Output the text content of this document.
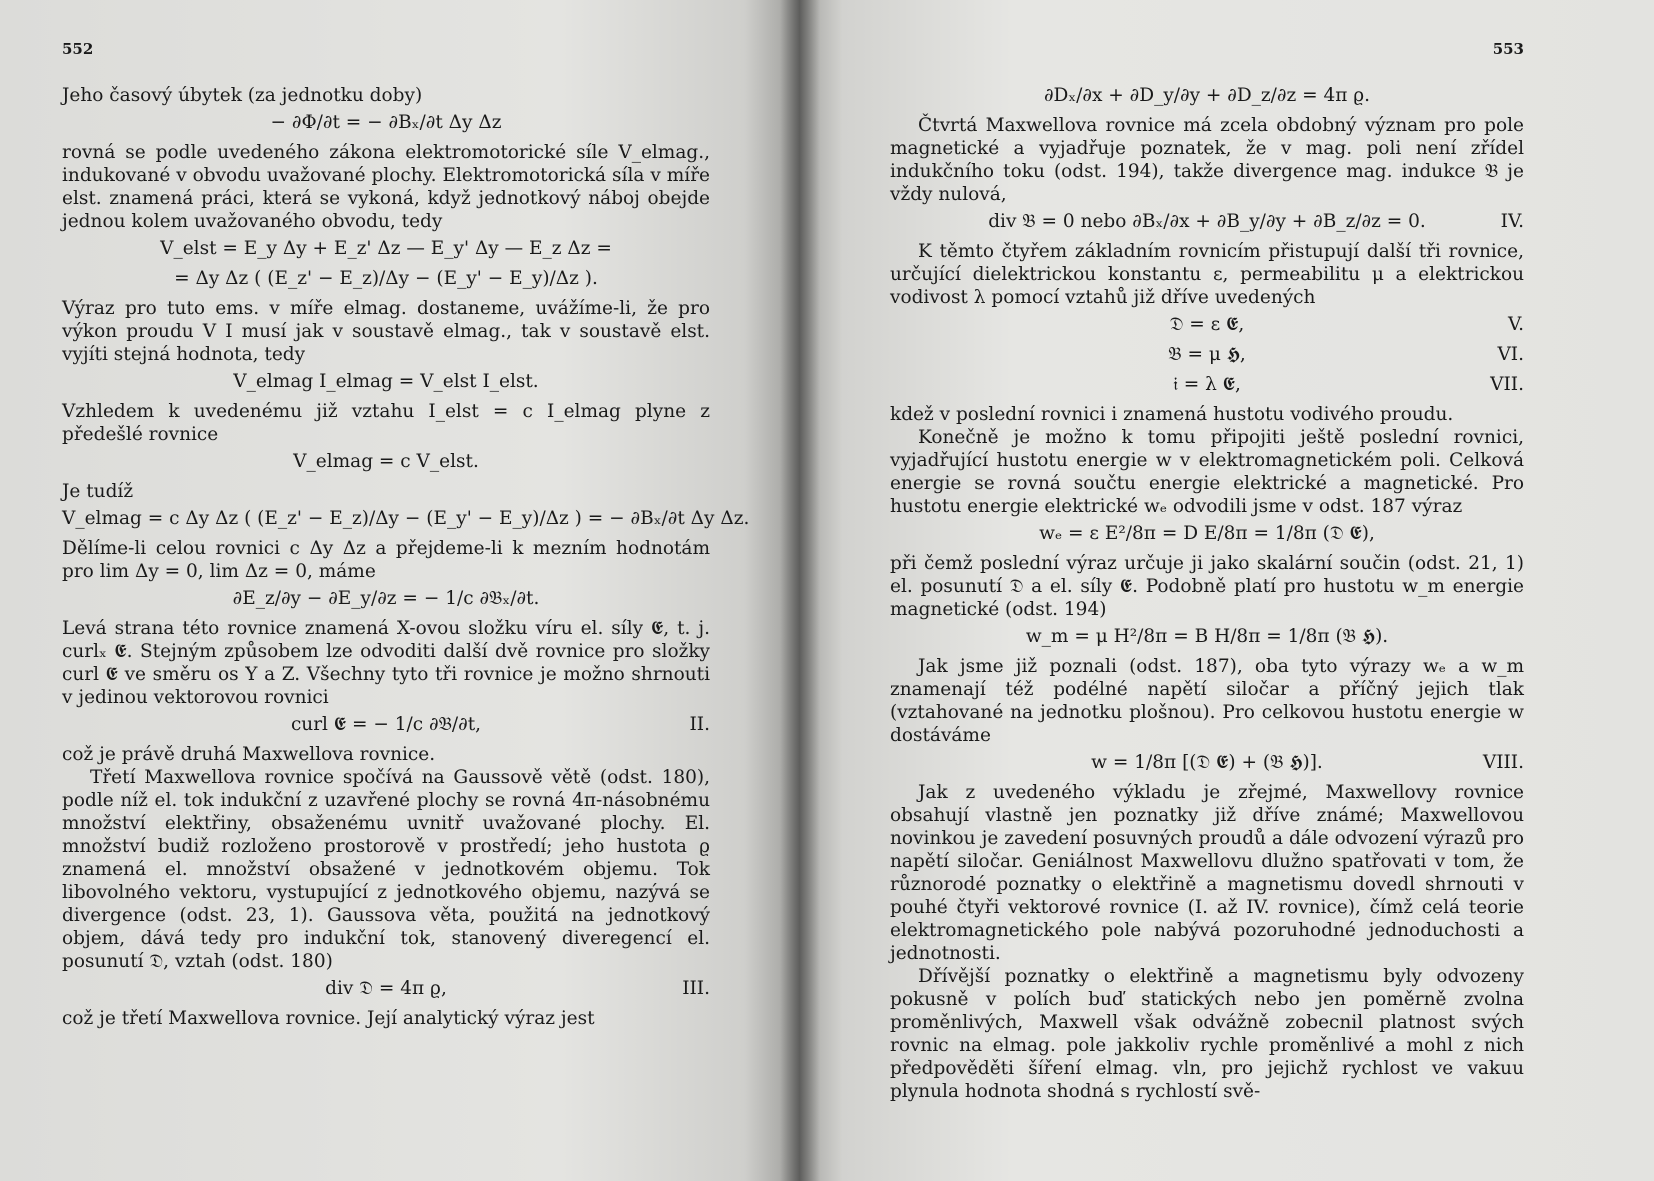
552

Jeho časový úbytek (za jednotku doby)

− ∂Φ/∂t = − ∂Bₓ/∂t Δy Δz

rovná se podle uvedeného zákona elektromotorické síle V_elmag., indukované v obvodu uvažované plochy. Elektromotorická síla v míře elst. znamená práci, která se vykoná, když jednotkový náboj obejde jednou kolem uvažovaného obvodu, tedy

V_elst = E_y Δy + E_z' Δz — E_y' Δy — E_z Δz =
= Δy Δz ( (E_z' − E_z)/Δy − (E_y' − E_y)/Δz ).

Výraz pro tuto ems. v míře elmag. dostaneme, uvážíme-li, že pro výkon proudu V I musí jak v soustavě elmag., tak v soustavě elst. vyjíti stejná hodnota, tedy

V_elmag I_elmag = V_elst I_elst.

Vzhledem k uvedenému již vztahu I_elst = c I_elmag plyne z předešlé rovnice

V_elmag = c V_elst.

Je tudíž

V_elmag = c Δy Δz ( (E_z' − E_z)/Δy − (E_y' − E_y)/Δz ) = − ∂Bₓ/∂t Δy Δz.

Dělíme-li celou rovnici c Δy Δz a přejdeme-li k mezním hodnotám pro lim Δy = 0, lim Δz = 0, máme

∂E_z/∂y − ∂E_y/∂z = − 1/c ∂𝔅ₓ/∂t.

Levá strana této rovnice znamená X-ovou složku víru el. síly 𝕰, t. j. curlₓ 𝕰. Stejným způsobem lze odvoditi další dvě rovnice pro složky curl 𝕰 ve směru os Y a Z. Všechny tyto tři rovnice je možno shrnouti v jedinou vektorovou rovnici

curl 𝕰 = − 1/c ∂𝔅/∂t,	II.

což je právě druhá Maxwellova rovnice.

Třetí Maxwellova rovnice spočívá na Gaussově větě (odst. 180), podle níž el. tok indukční z uzavřené plochy se rovná 4π-násobnému množství elektřiny, obsaženému uvnitř uvažované plochy. El. množství budiž rozloženo prostorově v prostředí; jeho hustota ϱ znamená el. množství obsažené v jednotkovém objemu. Tok libovolného vektoru, vystupující z jednotkového objemu, nazývá se divergence (odst. 23, 1). Gaussova věta, použitá na jednotkový objem, dává tedy pro indukční tok, stanovený diveregencí el. posunutí 𝔇, vztah (odst. 180)

div 𝔇 = 4π ϱ,	III.

což je třetí Maxwellova rovnice. Její analytický výraz jest

553
∂Dₓ/∂x + ∂D_y/∂y + ∂D_z/∂z = 4π ϱ.

Čtvrtá Maxwellova rovnice má zcela obdobný význam pro pole magnetické a vyjadřuje poznatek, že v mag. poli není zřídel indukčního toku (odst. 194), takže divergence mag. indukce 𝔅 je vždy nulová,

div 𝔅 = 0 nebo ∂Bₓ/∂x + ∂B_y/∂y + ∂B_z/∂z = 0.	IV.

K těmto čtyřem základním rovnicím přistupují další tři rovnice, určující dielektrickou konstantu ε, permeabilitu μ a elektrickou vodivost λ pomocí vztahů již dříve uvedených

𝔇 = ε 𝕰,	V.
𝔅 = μ 𝕳,	VI.
𝔦 = λ 𝕰,	VII.

kdež v poslední rovnici i znamená hustotu vodivého proudu.

Konečně je možno k tomu připojiti ještě poslední rovnici, vyjadřující hustotu energie w v elektromagnetickém poli. Celková energie se rovná součtu energie elektrické a magnetické. Pro hustotu energie elektrické wₑ odvodili jsme v odst. 187 výraz

wₑ = ε E²/8π = D E/8π = 1/8π (𝔇 𝕰),

při čemž poslední výraz určuje ji jako skalární součin (odst. 21, 1) el. posunutí 𝔇 a el. síly 𝕰. Podobně platí pro hustotu w_m energie magnetické (odst. 194)

w_m = μ H²/8π = B H/8π = 1/8π (𝔅 𝕳).

Jak jsme již poznali (odst. 187), oba tyto výrazy wₑ a w_m znamenají též podélné napětí siločar a příčný jejich tlak (vztahované na jednotku plošnou). Pro celkovou hustotu energie w dostáváme

w = 1/8π [(𝔇 𝕰) + (𝔅 𝕳)].	VIII.

Jak z uvedeného výkladu je zřejmé, Maxwellovy rovnice obsahují vlastně jen poznatky již dříve známé; Maxwellovou novinkou je zavedení posuvných proudů a dále odvození výrazů pro napětí siločar. Geniálnost Maxwellovu dlužno spatřovati v tom, že různorodé poznatky o elektřině a magnetismu dovedl shrnouti v pouhé čtyři vektorové rovnice (I. až IV. rovnice), čímž celá teorie elektromagnetického pole nabývá pozoruhodné jednoduchosti a jednotnosti.

Dřívější poznatky o elektřině a magnetismu byly odvozeny pokusně v polích buď statických nebo jen poměrně zvolna proměnlivých, Maxwell však odvážně zobecnil platnost svých rovnic na elmag. pole jakkoliv rychle proměnlivé a mohl z nich předpověděti šíření elmag. vln, pro jejichž rychlost ve vakuu plynula hodnota shodná s rychlostí svě-
